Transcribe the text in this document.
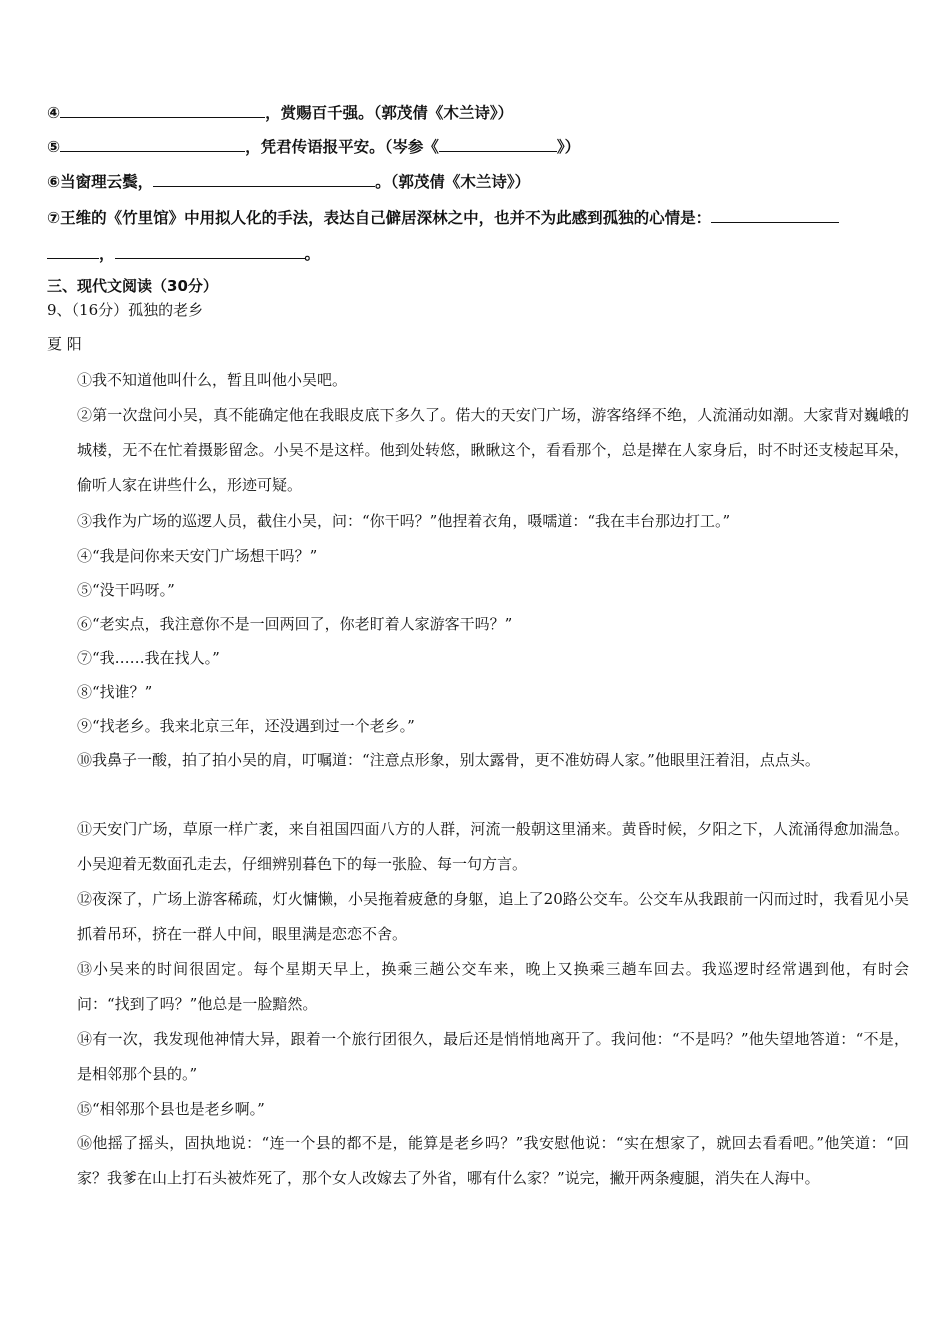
④	，赏赐百千强。（郭茂倩《木兰诗》）
⑤	，凭君传语报平安。（岑参《	》）
⑥当窗理云鬓，	。（郭茂倩《木兰诗》）
⑦王维的《竹里馆》中用拟人化的手法，表达自己僻居深林之中，也并不为此感到孤独的心情是：
，	。
三、现代文阅读（30分）
9、（16分）孤独的老乡
夏 阳
①我不知道他叫什么，暂且叫他小吴吧。
②第一次盘问小吴，真不能确定他在我眼皮底下多久了。偌大的天安门广场，游客络绎不绝，人流涌动如潮。大家背对巍峨的城楼，无不在忙着摄影留念。小吴不是这样。他到处转悠，瞅瞅这个，看看那个，总是撵在人家身后，时不时还支棱起耳朵，偷听人家在讲些什么，形迹可疑。
③我作为广场的巡逻人员，截住小吴，问：“你干吗？”他捏着衣角，嗫嚅道：“我在丰台那边打工。”
④“我是问你来天安门广场想干吗？”
⑤“没干吗呀。”
⑥“老实点，我注意你不是一回两回了，你老盯着人家游客干吗？”
⑦“我……我在找人。”
⑧“找谁？”
⑨“找老乡。我来北京三年，还没遇到过一个老乡。”
⑩我鼻子一酸，拍了拍小吴的肩，叮嘱道：“注意点形象，别太露骨，更不准妨碍人家。”他眼里汪着泪，点点头。
⑪天安门广场，草原一样广袤，来自祖国四面八方的人群，河流一般朝这里涌来。黄昏时候，夕阳之下，人流涌得愈加湍急。小吴迎着无数面孔走去，仔细辨别暮色下的每一张脸、每一句方言。
⑫夜深了，广场上游客稀疏，灯火慵懒，小吴拖着疲惫的身躯，追上了20路公交车。公交车从我跟前一闪而过时，我看见小吴抓着吊环，挤在一群人中间，眼里满是恋恋不舍。
⑬小吴来的时间很固定。每个星期天早上，换乘三趟公交车来，晚上又换乘三趟车回去。我巡逻时经常遇到他，有时会问：“找到了吗？”他总是一脸黯然。
⑭有一次，我发现他神情大异，跟着一个旅行团很久，最后还是悄悄地离开了。我问他：“不是吗？”他失望地答道：“不是，是相邻那个县的。”
⑮“相邻那个县也是老乡啊。”
⑯他摇了摇头，固执地说：“连一个县的都不是，能算是老乡吗？”我安慰他说：“实在想家了，就回去看看吧。”他笑道：“回家？我爹在山上打石头被炸死了，那个女人改嫁去了外省，哪有什么家？”说完，撇开两条瘦腿，消失在人海中。
